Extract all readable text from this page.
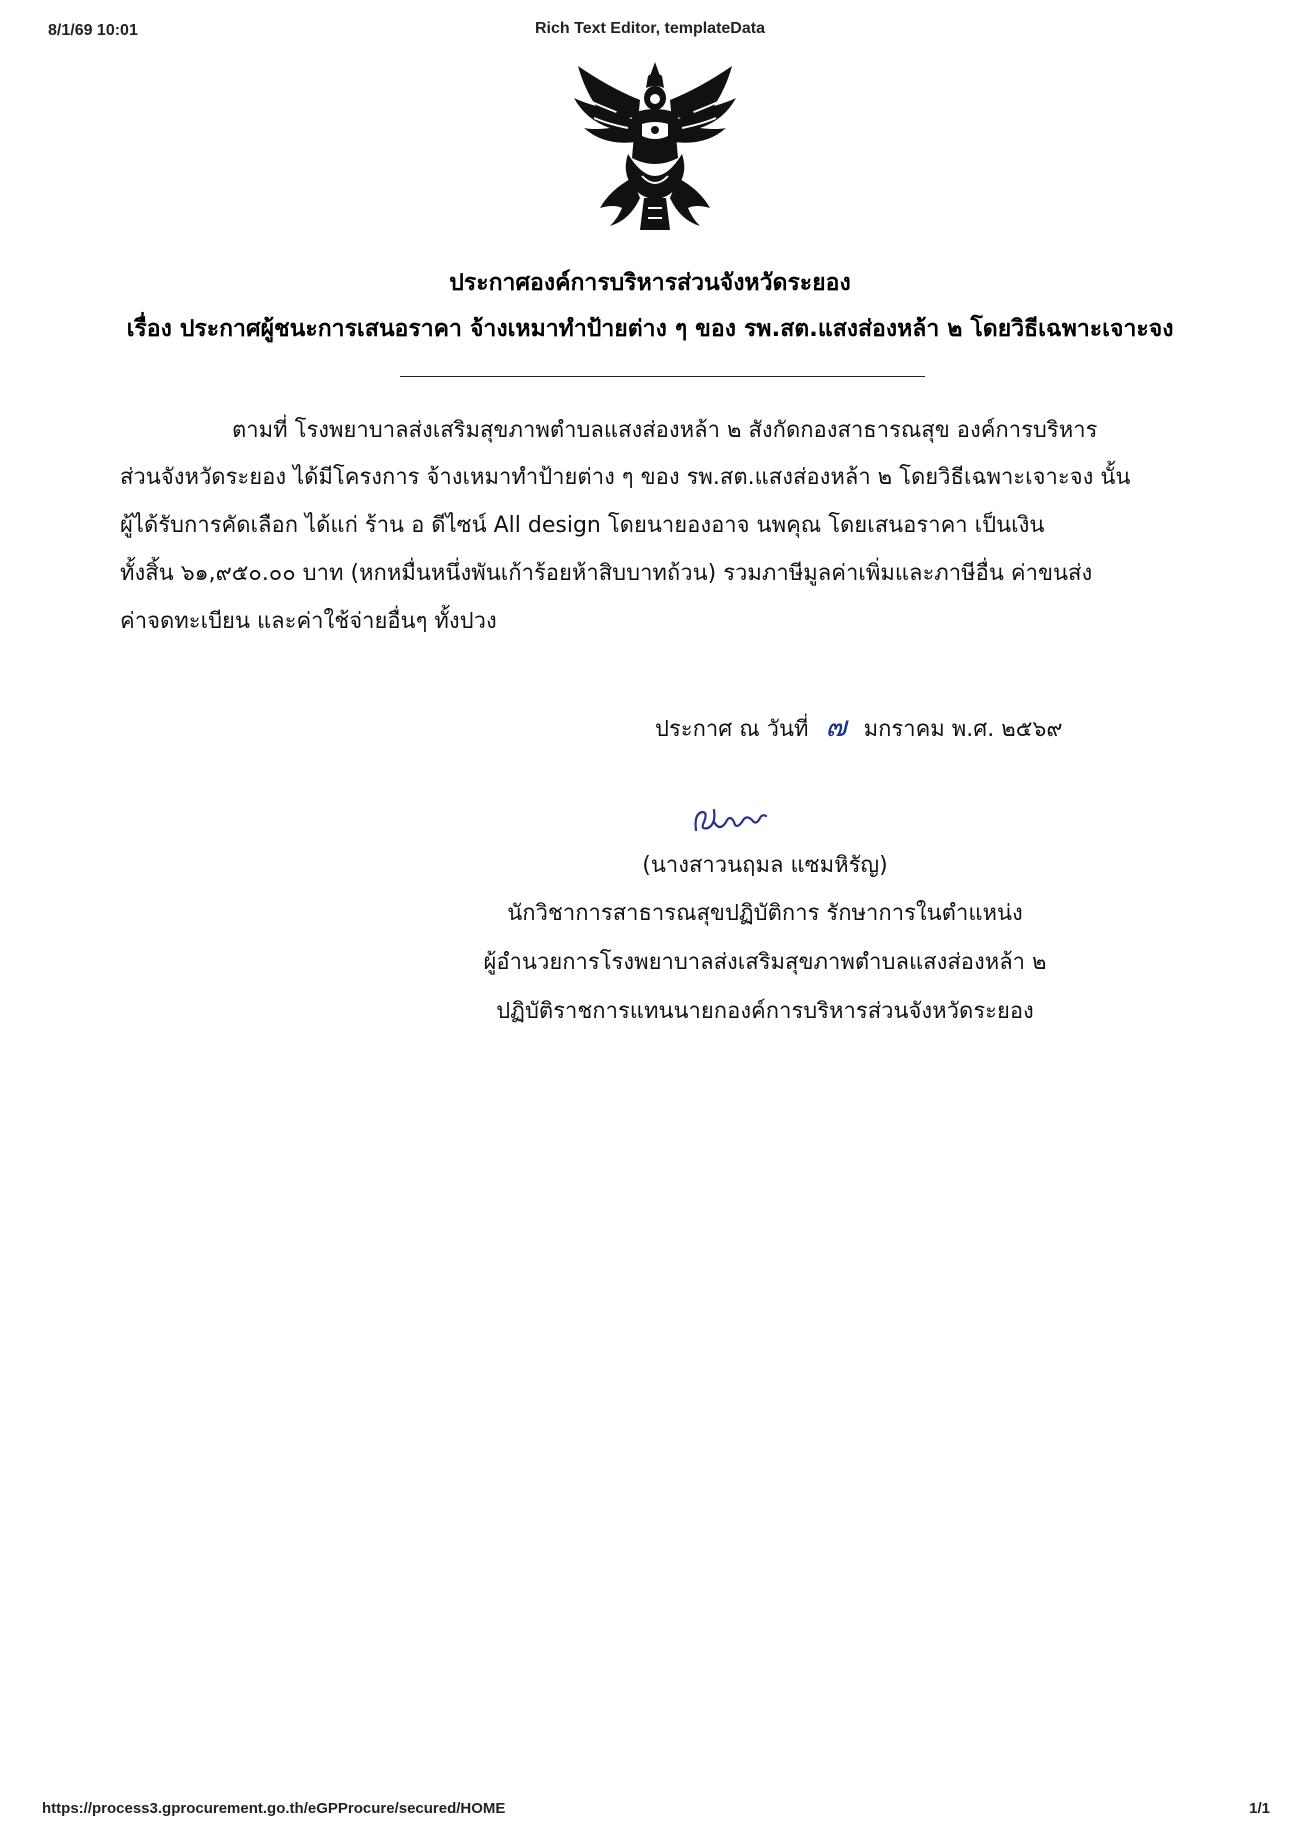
8/1/69 10:01	Rich Text Editor, templateData
ประกาศองค์การบริหารส่วนจังหวัดระยอง
เรื่อง ประกาศผู้ชนะการเสนอราคา จ้างเหมาทำป้ายต่าง ๆ ของ รพ.สต.แสงส่องหล้า ๒ โดยวิธีเฉพาะเจาะจง
ตามที่ โรงพยาบาลส่งเสริมสุขภาพตำบลแสงส่องหล้า ๒ สังกัดกองสาธารณสุข องค์การบริหาร
ส่วนจังหวัดระยอง ได้มีโครงการ จ้างเหมาทำป้ายต่าง ๆ ของ รพ.สต.แสงส่องหล้า ๒ โดยวิธีเฉพาะเจาะจง นั้น
ผู้ได้รับการคัดเลือก ได้แก่ ร้าน อ ดีไซน์ All design โดยนายองอาจ นพคุณ โดยเสนอราคา เป็นเงิน
ทั้งสิ้น ๖๑,๙๕๐.๐๐ บาท (หกหมื่นหนึ่งพันเก้าร้อยห้าสิบบาทถ้วน) รวมภาษีมูลค่าเพิ่มและภาษีอื่น ค่าขนส่ง
ค่าจดทะเบียน และค่าใช้จ่ายอื่นๆ ทั้งปวง
ประกาศ ณ วันที่ ๗ มกราคม พ.ศ. ๒๕๖๙
(นางสาวนฤมล แซมหิรัญ)
นักวิชาการสาธารณสุขปฏิบัติการ รักษาการในตำแหน่ง
ผู้อำนวยการโรงพยาบาลส่งเสริมสุขภาพตำบลแสงส่องหล้า ๒
ปฏิบัติราชการแทนนายกองค์การบริหารส่วนจังหวัดระยอง
https://process3.gprocurement.go.th/eGPProcure/secured/HOME	1/1
